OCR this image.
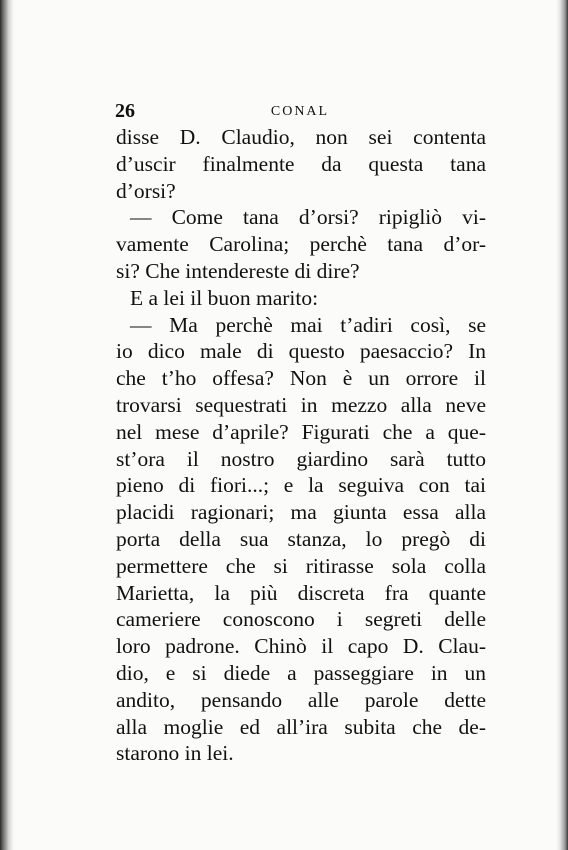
26	CONAL
disse D. Claudio, non sei contenta
d’uscir finalmente da questa tana
d’orsi?
— Come tana d’orsi? ripigliò vi-
vamente Carolina; perchè tana d’or-
si? Che intendereste di dire?
E a lei il buon marito:
— Ma perchè mai t’adiri così, se
io dico male di questo paesaccio? In
che t’ho offesa? Non è un orrore il
trovarsi sequestrati in mezzo alla neve
nel mese d’aprile? Figurati che a que-
st’ora il nostro giardino sarà tutto
pieno di fiori...; e la seguiva con tai
placidi ragionari; ma giunta essa alla
porta della sua stanza, lo pregò di
permettere che si ritirasse sola colla
Marietta, la più discreta fra quante
cameriere conoscono i segreti delle
loro padrone. Chinò il capo D. Clau-
dio, e si diede a passeggiare in un
andito, pensando alle parole dette
alla moglie ed all’ira subita che de-
starono in lei.
